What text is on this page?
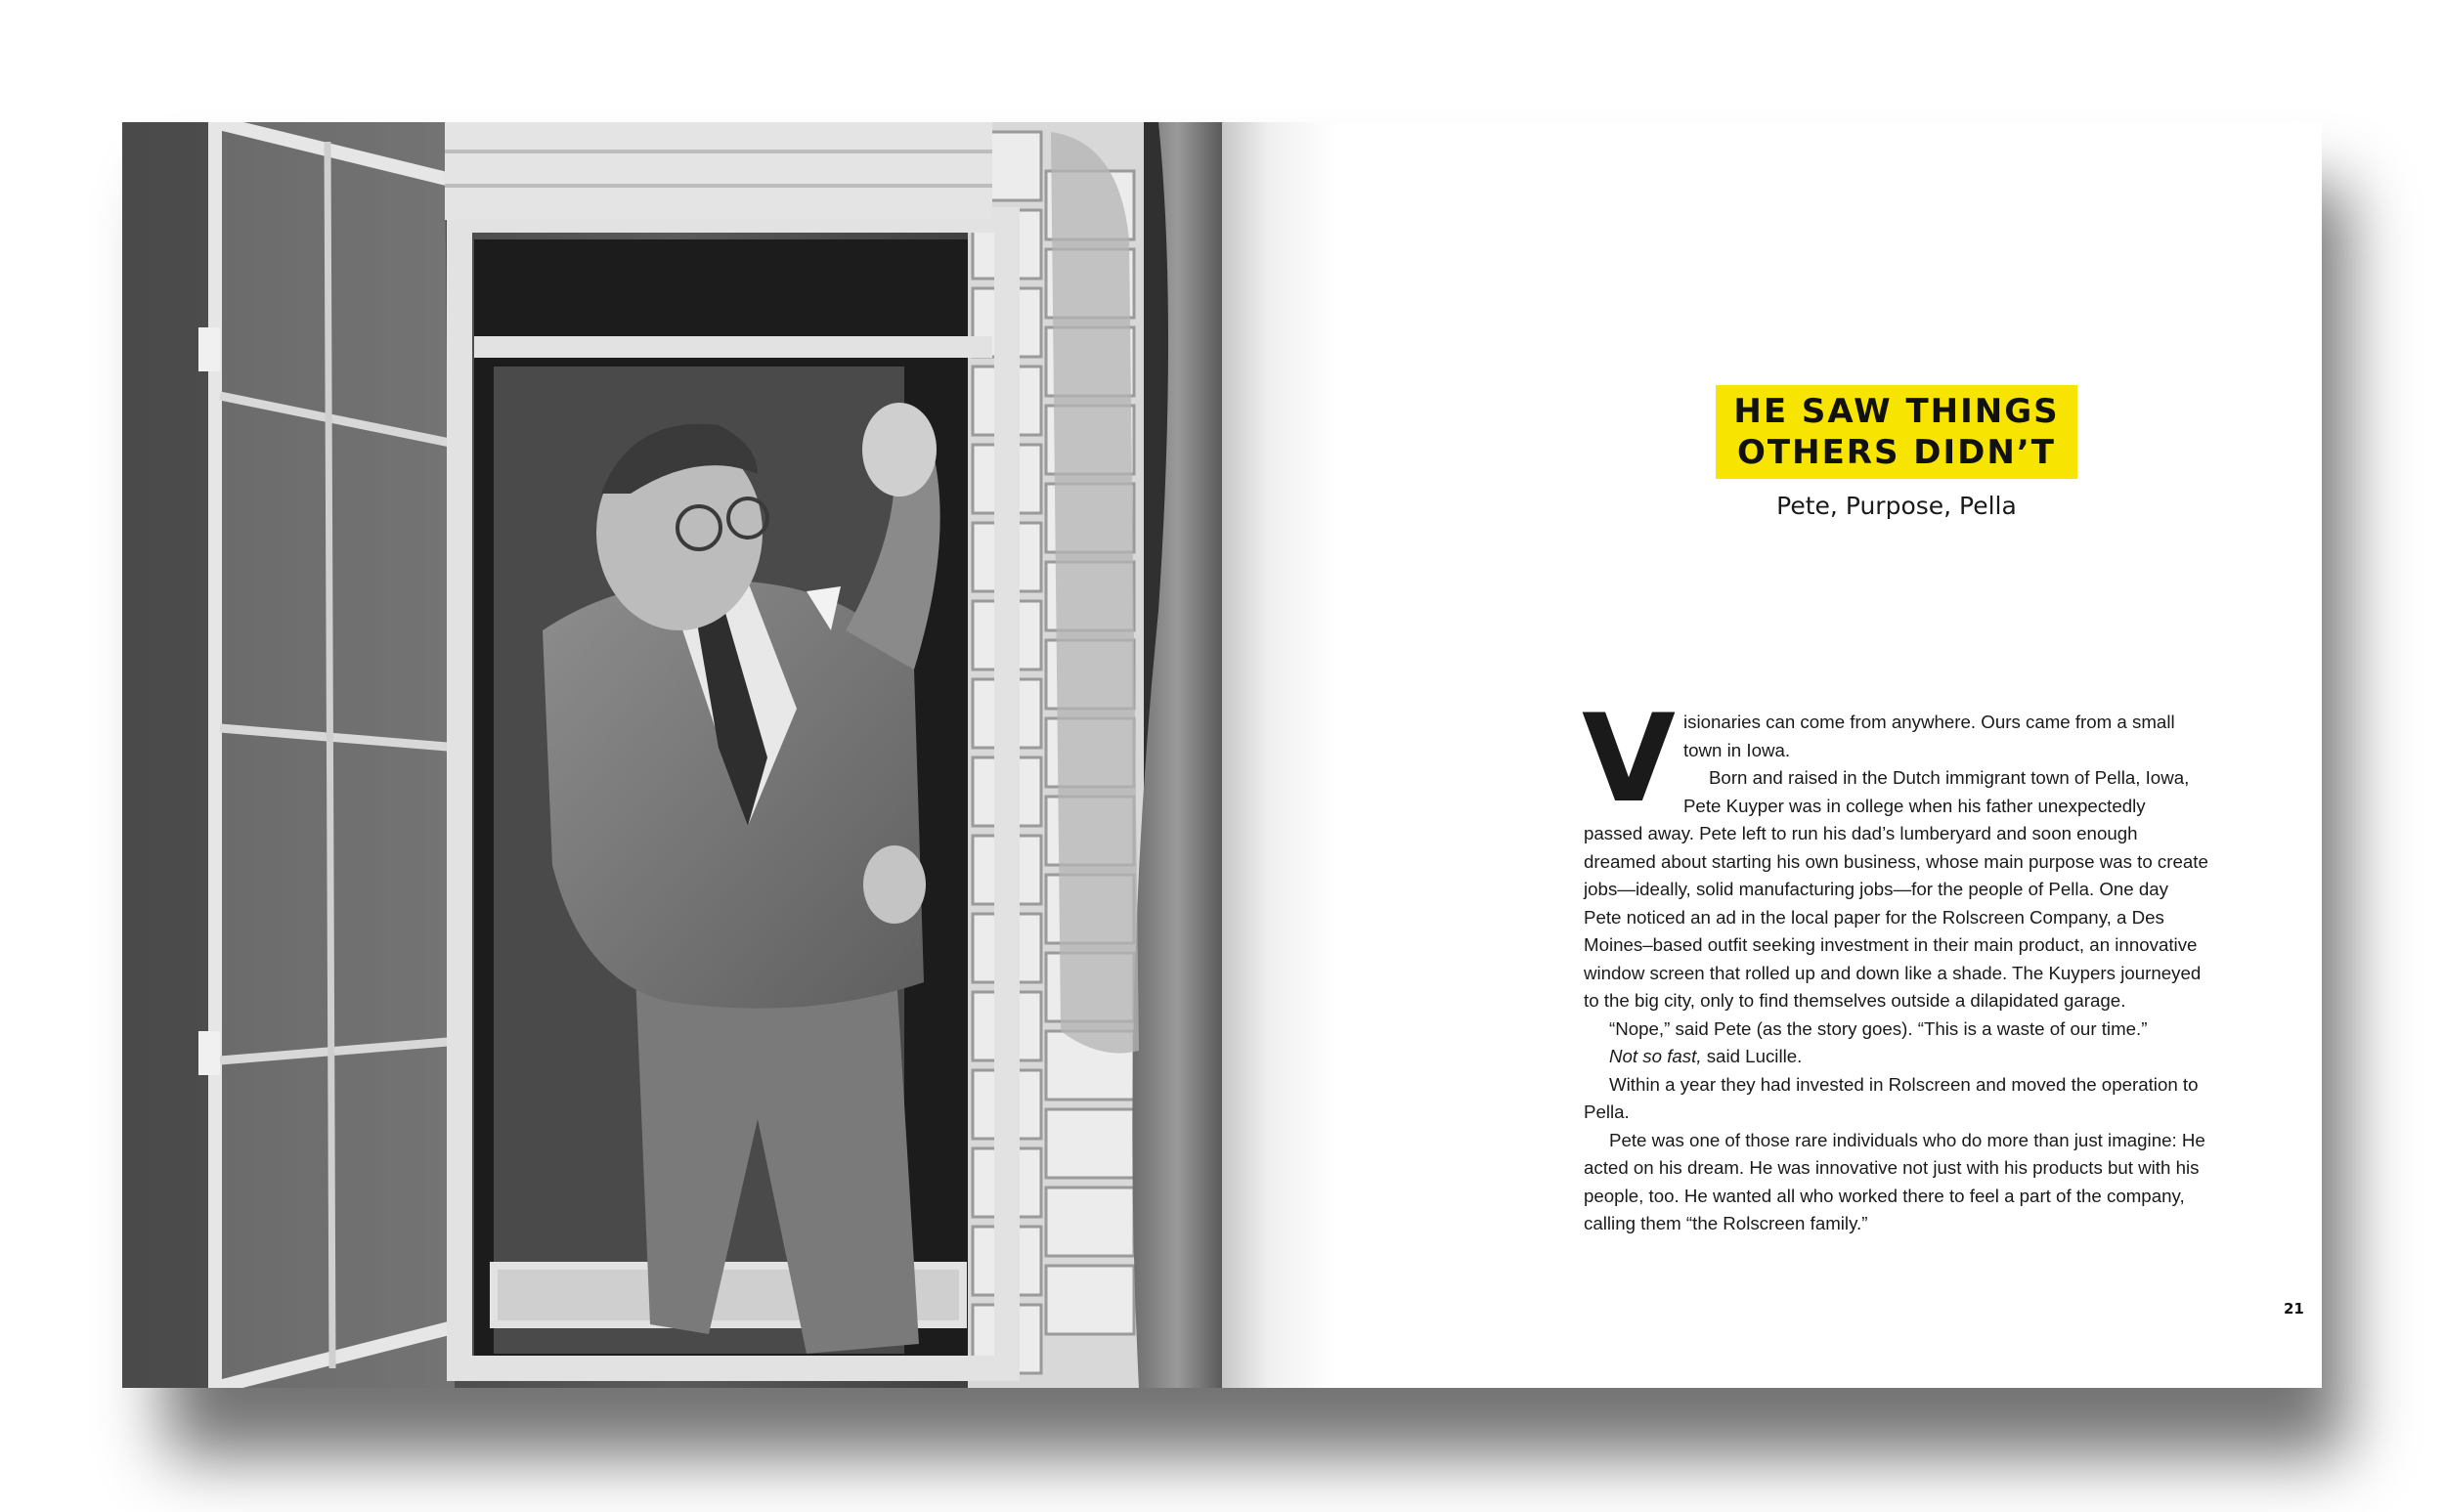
HE SAW THINGS
OTHERS DIDN’T
Pete, Purpose, Pella

Visionaries can come from anywhere. Ours came from a small town in Iowa.

Born and raised in the Dutch immigrant town of Pella, Iowa, Pete Kuyper was in college when his father unexpectedly passed away. Pete left to run his dad’s lumberyard and soon enough dreamed about starting his own business, whose main purpose was to create jobs—ideally, solid manufacturing jobs—for the people of Pella. One day Pete noticed an ad in the local paper for the Rolscreen Company, a Des Moines–based outfit seeking investment in their main product, an innovative window screen that rolled up and down like a shade. The Kuypers journeyed to the big city, only to find themselves outside a dilapidated garage.

“Nope,” said Pete (as the story goes). “This is a waste of our time.”

Not so fast, said Lucille.

Within a year they had invested in Rolscreen and moved the operation to Pella.

Pete was one of those rare individuals who do more than just imagine: He acted on his dream. He was innovative not just with his products but with his people, too. He wanted all who worked there to feel a part of the company, calling them “the Rolscreen family.”

21
